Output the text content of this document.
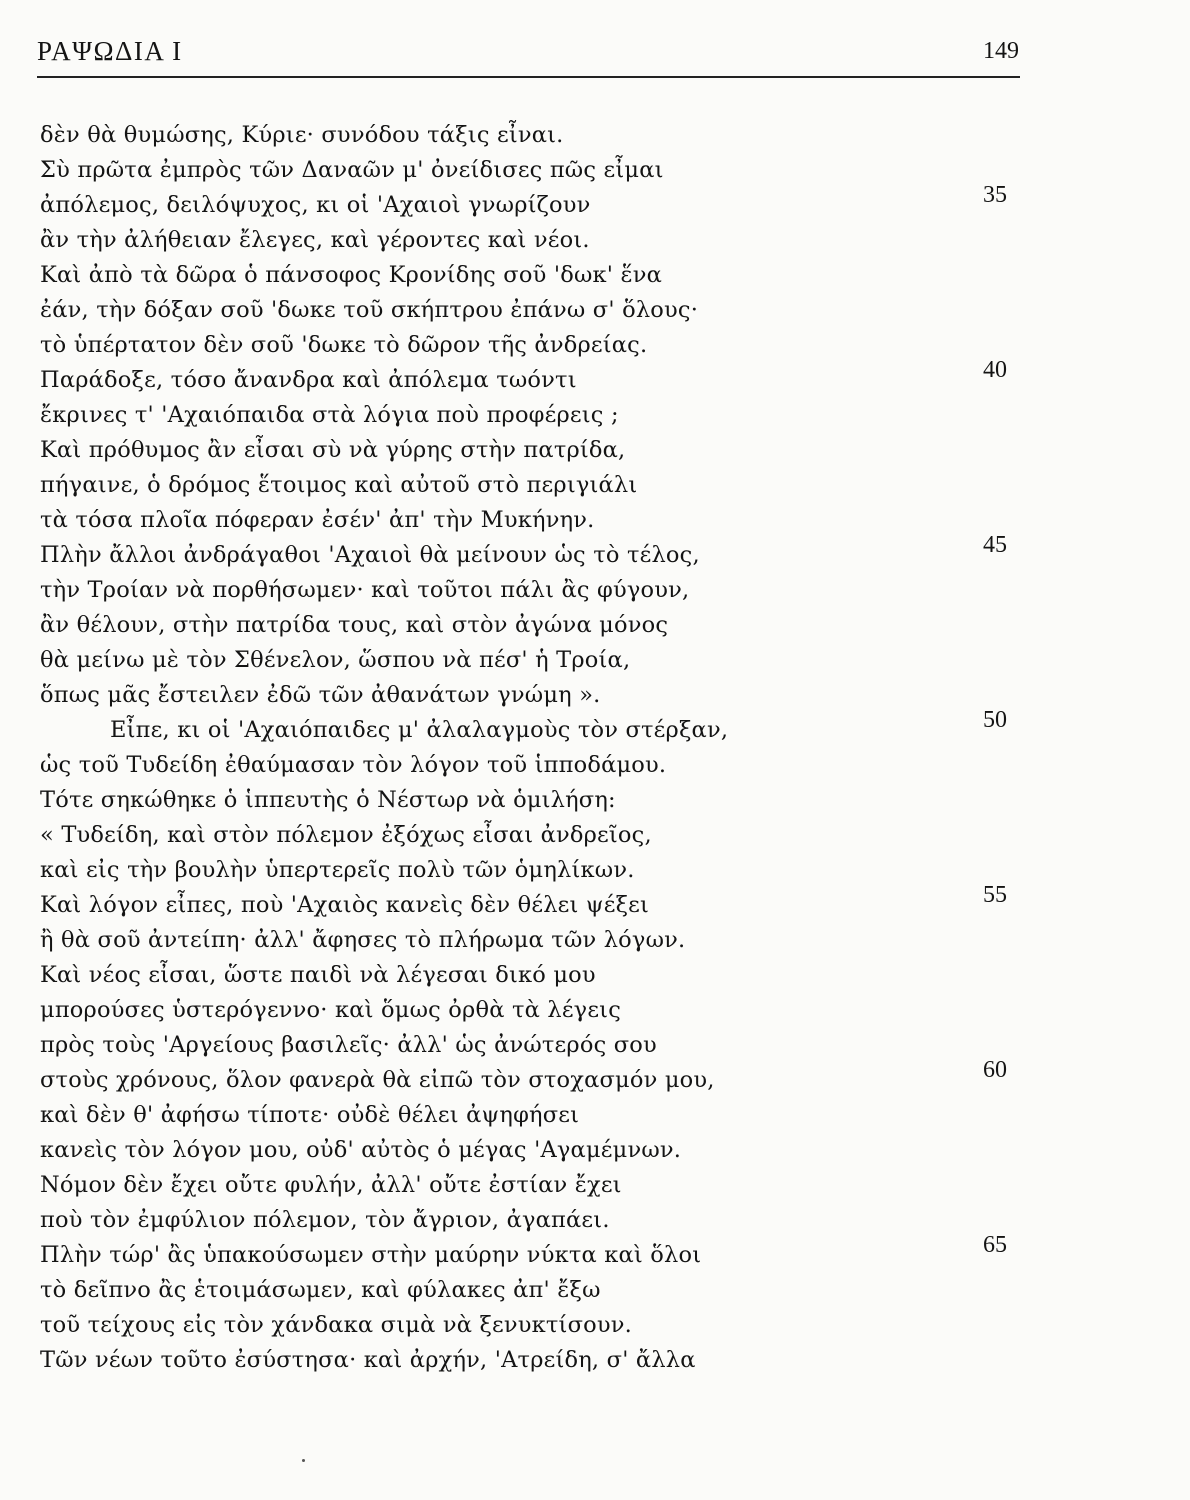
ΡΑΨΩΔΙΑ Ι	149
δὲν θὰ θυμώσης, Κύριε· συνόδου τάξις εἶναι.
Σὺ πρῶτα ἐμπρὸς τῶν Δαναῶν μ' ὀνείδισες πῶς εἶμαι
ἀπόλεμος, δειλόψυχος, κι οἱ 'Αχαιοὶ γνωρίζουν
ἂν τὴν ἀλήθειαν ἔλεγες, καὶ γέροντες καὶ νέοι.
Καὶ ἀπὸ τὰ δῶρα ὁ πάνσοφος Κρονίδης σοῦ 'δωκ' ἕνα
ἐάν, τὴν δόξαν σοῦ 'δωκε τοῦ σκήπτρου ἐπάνω σ' ὅλους·
τὸ ὑπέρτατον δὲν σοῦ 'δωκε τὸ δῶρον τῆς ἀνδρείας.
Παράδοξε, τόσο ἄνανδρα καὶ ἀπόλεμα τωόντι
ἔκρινες τ' 'Αχαιόπαιδα στὰ λόγια ποὺ προφέρεις ;
Καὶ πρόθυμος ἂν εἶσαι σὺ νὰ γύρης στὴν πατρίδα,
πήγαινε, ὁ δρόμος ἕτοιμος καὶ αὐτοῦ στὸ περιγιάλι
τὰ τόσα πλοῖα πόφεραν ἐσέν' ἀπ' τὴν Μυκήνην.
Πλὴν ἄλλοι ἀνδράγαθοι 'Αχαιοὶ θὰ μείνουν ὡς τὸ τέλος,
τὴν Τροίαν νὰ πορθήσωμεν· καὶ τοῦτοι πάλι ἂς φύγουν,
ἂν θέλουν, στὴν πατρίδα τους, καὶ στὸν ἀγώνα μόνος
θὰ μείνω μὲ τὸν Σθένελον, ὥσπου νὰ πέσ' ἡ Τροία,
ὅπως μᾶς ἔστειλεν ἐδῶ τῶν ἀθανάτων γνώμη ».
Εἶπε, κι οἱ 'Αχαιόπαιδες μ' ἀλαλαγμοὺς τὸν στέρξαν,
ὡς τοῦ Τυδείδη ἐθαύμασαν τὸν λόγον τοῦ ἱπποδάμου.
Τότε σηκώθηκε ὁ ἱππευτὴς ὁ Νέστωρ νὰ ὁμιλήση:
« Τυδείδη, καὶ στὸν πόλεμον ἐξόχως εἶσαι ἀνδρεῖος,
καὶ εἰς τὴν βουλὴν ὑπερτερεῖς πολὺ τῶν ὁμηλίκων.
Καὶ λόγον εἶπες, ποὺ 'Αχαιὸς κανεὶς δὲν θέλει ψέξει
ἢ θὰ σοῦ ἀντείπη· ἀλλ' ἄφησες τὸ πλήρωμα τῶν λόγων.
Καὶ νέος εἶσαι, ὥστε παιδὶ νὰ λέγεσαι δικό μου
μπορούσες ὑστερόγεννο· καὶ ὅμως ὀρθὰ τὰ λέγεις
πρὸς τοὺς 'Αργείους βασιλεῖς· ἀλλ' ὡς ἀνώτερός σου
στοὺς χρόνους, ὅλον φανερὰ θὰ εἰπῶ τὸν στοχασμόν μου,
καὶ δὲν θ' ἀφήσω τίποτε· οὐδὲ θέλει ἀψηφήσει
κανεὶς τὸν λόγον μου, οὐδ' αὐτὸς ὁ μέγας 'Αγαμέμνων.
Νόμον δὲν ἔχει οὔτε φυλήν, ἀλλ' οὔτε ἐστίαν ἔχει
ποὺ τὸν ἐμφύλιον πόλεμον, τὸν ἄγριον, ἀγαπάει.
Πλὴν τώρ' ἂς ὑπακούσωμεν στὴν μαύρην νύκτα καὶ ὅλοι
τὸ δεῖπνο ἂς ἑτοιμάσωμεν, καὶ φύλακες ἀπ' ἔξω
τοῦ τείχους εἰς τὸν χάνδακα σιμὰ νὰ ξενυκτίσουν.
Τῶν νέων τοῦτο ἐσύστησα· καὶ ἀρχήν, 'Ατρείδη, σ' ἄλλα
35
40
45
50
55
60
65
